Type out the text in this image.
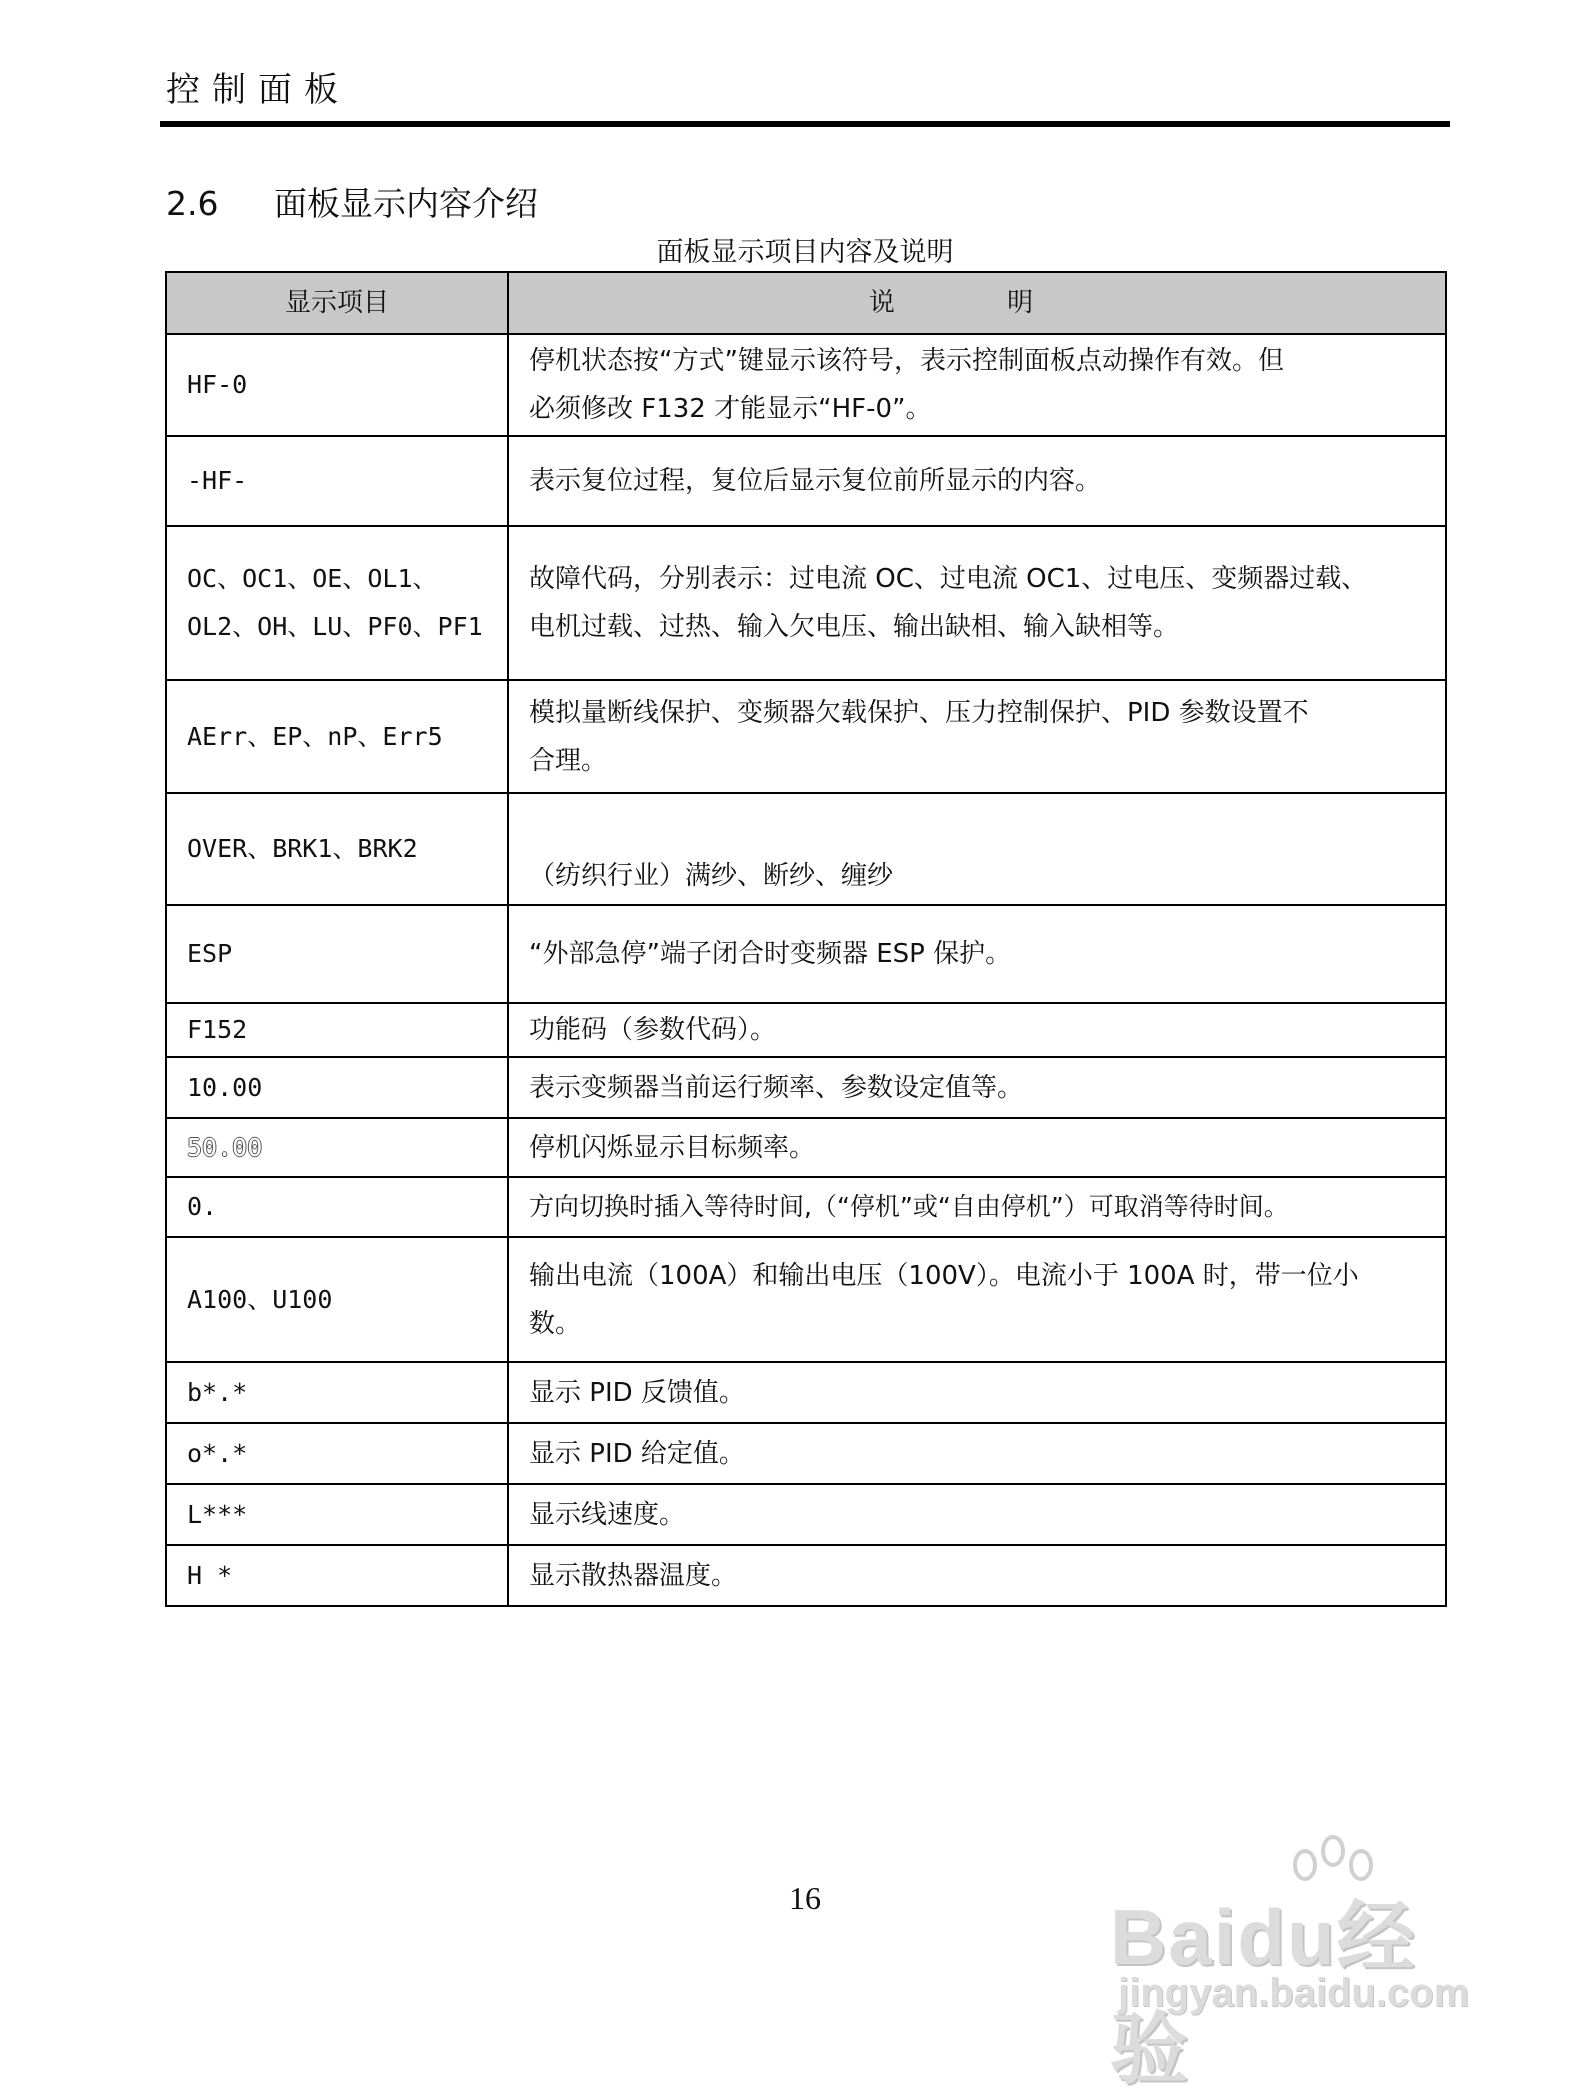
控制面板
2.6 面板显示内容介绍
面板显示项目内容及说明
显示项目	说 明
HF-0	停机状态按“方式”键显示该符号，表示控制面板点动操作有效。但
必须修改 F132 才能显示“HF-0”。
-HF-	表示复位过程，复位后显示复位前所显示的内容。
OC、OC1、OE、OL1、OL2、OH、LU、PF0、PF1	故障代码，分别表示：过电流 OC、过电流 OC1、过电压、变频器过载、
电机过载、过热、输入欠电压、输出缺相、输入缺相等。
AErr、EP、nP、Err5	模拟量断线保护、变频器欠载保护、压力控制保护、PID 参数设置不
合理。
OVER、BRK1、BRK2	（纺织行业）满纱、断纱、缠纱
ESP	“外部急停”端子闭合时变频器 ESP 保护。
F152	功能码（参数代码）。
10.00	表示变频器当前运行频率、参数设定值等。
50.00	停机闪烁显示目标频率。
0.	方向切换时插入等待时间,（“停机”或“自由停机”）可取消等待时间。
A100、U100	输出电流（100A）和输出电压（100V）。电流小于 100A 时，带一位小
数。
b*.*	显示 PID 反馈值。
o*.*	显示 PID 给定值。
L***	显示线速度。
H *	显示散热器温度。
16	Baidu经验
jingyan.baidu.com
